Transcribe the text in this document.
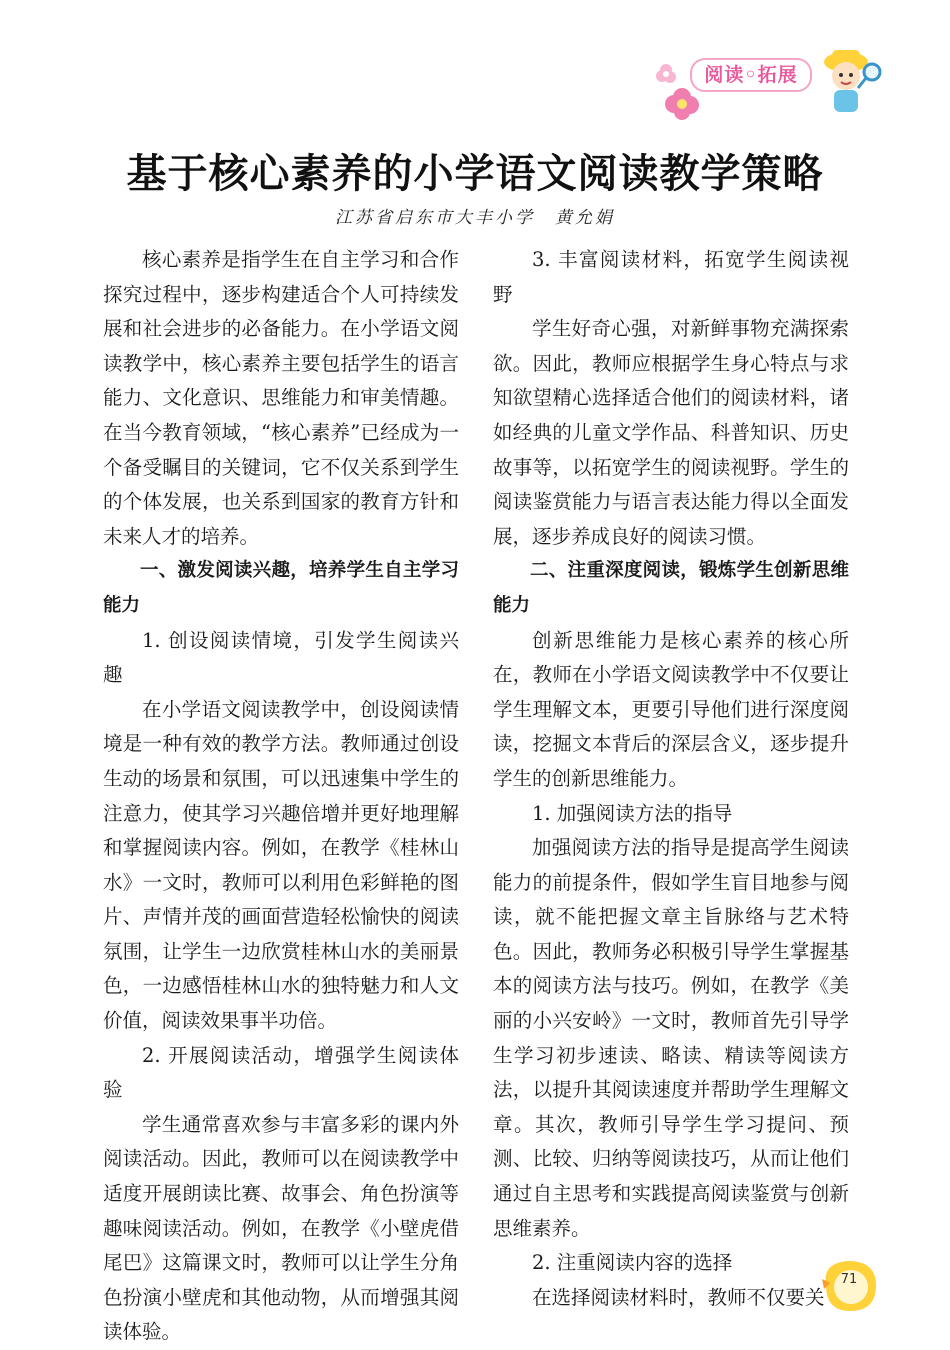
阅读◦拓展
基于核心素养的小学语文阅读教学策略
江苏省启东市大丰小学　黄允娟

核心素养是指学生在自主学习和合作探究过程中，逐步构建适合个人可持续发展和社会进步的必备能力。在小学语文阅读教学中，核心素养主要包括学生的语言能力、文化意识、思维能力和审美情趣。在当今教育领域，“核心素养”已经成为一个备受瞩目的关键词，它不仅关系到学生的个体发展，也关系到国家的教育方针和未来人才的培养。

一、激发阅读兴趣，培养学生自主学习能力

1. 创设阅读情境，引发学生阅读兴趣

在小学语文阅读教学中，创设阅读情境是一种有效的教学方法。教师通过创设生动的场景和氛围，可以迅速集中学生的注意力，使其学习兴趣倍增并更好地理解和掌握阅读内容。例如，在教学《桂林山水》一文时，教师可以利用色彩鲜艳的图片、声情并茂的画面营造轻松愉快的阅读氛围，让学生一边欣赏桂林山水的美丽景色，一边感悟桂林山水的独特魅力和人文价值，阅读效果事半功倍。

2. 开展阅读活动，增强学生阅读体验

学生通常喜欢参与丰富多彩的课内外阅读活动。因此，教师可以在阅读教学中适度开展朗读比赛、故事会、角色扮演等趣味阅读活动。例如，在教学《小壁虎借尾巴》这篇课文时，教师可以让学生分角色扮演小壁虎和其他动物，从而增强其阅读体验。

3. 丰富阅读材料，拓宽学生阅读视野

学生好奇心强，对新鲜事物充满探索欲。因此，教师应根据学生身心特点与求知欲望精心选择适合他们的阅读材料，诸如经典的儿童文学作品、科普知识、历史故事等，以拓宽学生的阅读视野。学生的阅读鉴赏能力与语言表达能力得以全面发展，逐步养成良好的阅读习惯。

二、注重深度阅读，锻炼学生创新思维能力

创新思维能力是核心素养的核心所在，教师在小学语文阅读教学中不仅要让学生理解文本，更要引导他们进行深度阅读，挖掘文本背后的深层含义，逐步提升学生的创新思维能力。

1. 加强阅读方法的指导

加强阅读方法的指导是提高学生阅读能力的前提条件，假如学生盲目地参与阅读，就不能把握文章主旨脉络与艺术特色。因此，教师务必积极引导学生掌握基本的阅读方法与技巧。例如，在教学《美丽的小兴安岭》一文时，教师首先引导学生学习初步速读、略读、精读等阅读方法，以提升其阅读速度并帮助学生理解文章。其次，教师引导学生学习提问、预测、比较、归纳等阅读技巧，从而让他们通过自主思考和实践提高阅读鉴赏与创新思维素养。

2. 注重阅读内容的选择

在选择阅读材料时，教师不仅要关

71
